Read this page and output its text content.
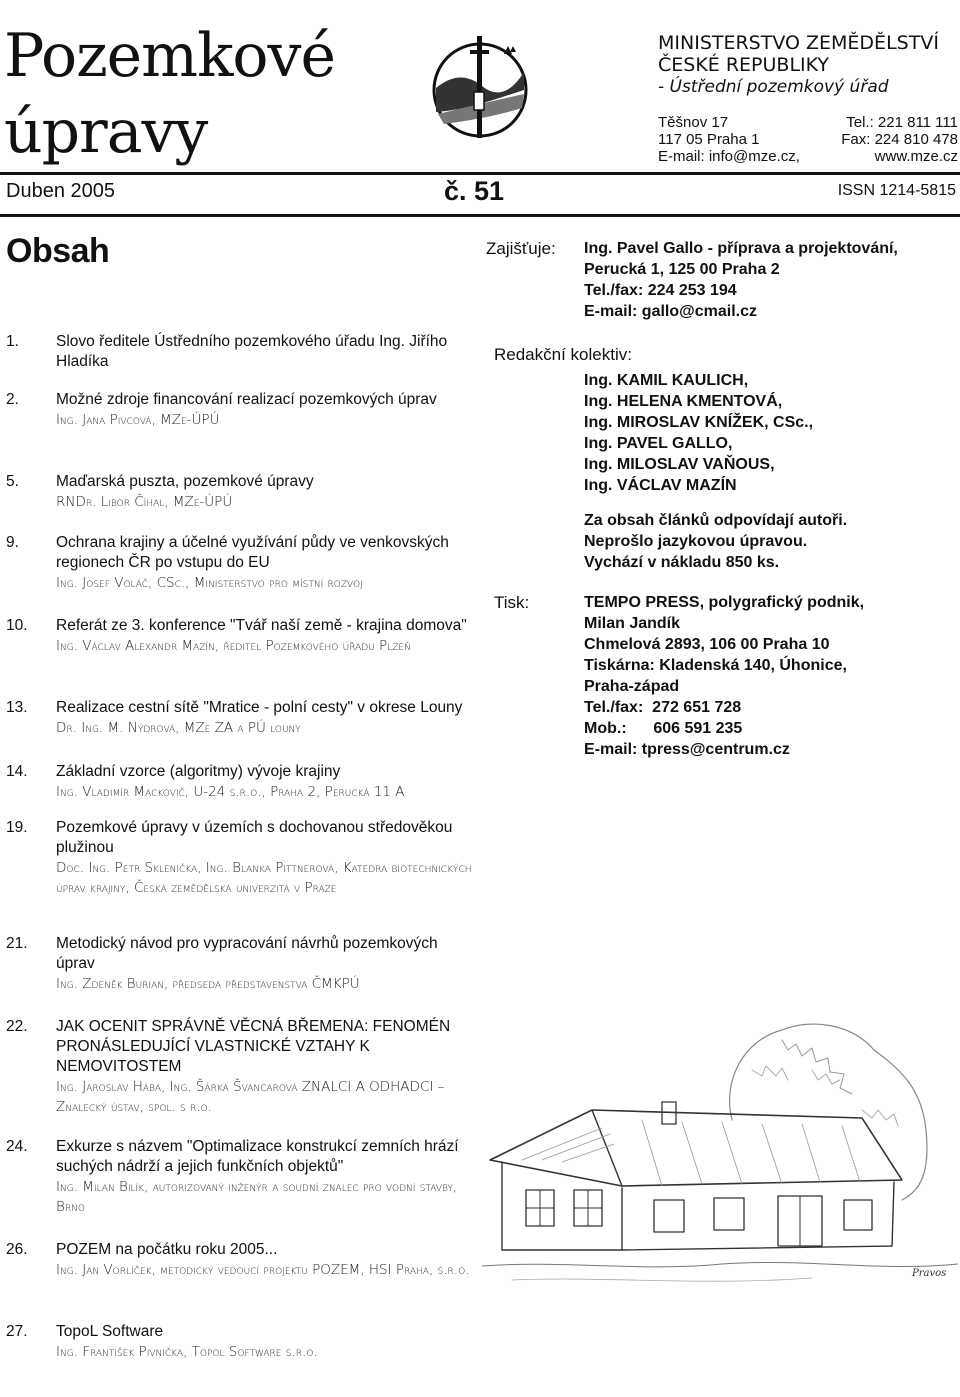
Pozemkové
úpravy
MINISTERSTVO ZEMĚDĚLSTVÍ
ČESKÉ REPUBLIKY
- Ústřední pozemkový úřad
Těšnov 17	Tel.: 221 811 111
117 05 Praha 1	Fax: 224 810 478
E-mail: info@mze.cz,	www.mze.cz
Duben 2005	č. 51	ISSN 1214-5815
Obsah
1.	Slovo ředitele Ústředního pozemkového úřadu Ing. Jiřího Hladíka
2.	Možné zdroje financování realizací pozemkových úprav
Ing. Jana Pivcová, MZe-ÚPÚ
5.	Maďarská puszta, pozemkové úpravy
RNDr. Libor Číhal, MZe-ÚPÚ
9.	Ochrana krajiny a účelné využívání půdy ve venkovských regionech ČR po vstupu do EU
Ing. Josef Voláč, CSc., Ministerstvo pro místní rozvoj
10.	Referát ze 3. konference "Tvář naší země - krajina domova"
Ing. Václav Alexandr Mazín, ředitel Pozemkového úřadu Plzeň
13.	Realizace cestní sítě "Mratice - polní cesty" v okrese Louny
Dr. Ing. M. Nýdrová, MZe ZA a PÚ louny
14.	Základní vzorce (algoritmy) vývoje krajiny
Ing. Vladimír Mackovič, U-24 s.r.o., Praha 2, Perucká 11 A
19.	Pozemkové úpravy v územích s dochovanou středověkou plužinou
Doc. Ing. Petr Sklenička, Ing. Blanka Pittnerová, Katedra biotechnických úprav krajiny, Česká zemědělská univerzita v Praze
21.	Metodický návod pro vypracování návrhů pozemkových úprav
Ing. Zdeněk Burian, předseda představenstva ČMKPÚ
22.	JAK OCENIT SPRÁVNĚ VĚCNÁ BŘEMENA: FENOMÉN PRONÁSLEDUJÍCÍ VLASTNICKÉ VZTAHY K NEMOVITOSTEM
Ing. Jaroslav Hába, Ing. Šárka Švancarová ZNALCI A ODHADCI – Znalecký ústav, spol. s r.o.
24.	Exkurze s názvem "Optimalizace konstrukcí zemních hrází suchých nádrží a jejich funkčních objektů"
Ing. Milan Bilík, autorizovaný inženýr a soudní znalec pro vodní stavby, Brno
26.	POZEM na počátku roku 2005...
Ing. Jan Vorlíček, metodický vedoucí projektu POZEM, HSI Praha, s.r.o.
27.	TopoL Software
Ing. František Pivnička, Topol Software s.r.o.
Zajišťuje: Ing. Pavel Gallo - příprava a projektování,
Perucká 1, 125 00 Praha 2
Tel./fax: 224 253 194
E-mail: gallo@cmail.cz
Redakční kolektiv:
Ing. KAMIL KAULICH,
Ing. HELENA KMENTOVÁ,
Ing. MIROSLAV KNÍŽEK, CSc.,
Ing. PAVEL GALLO,
Ing. MILOSLAV VAŇOUS,
Ing. VÁCLAV MAZÍN
Za obsah článků odpovídají autoři.
Neprošlo jazykovou úpravou.
Vychází v nákladu 850 ks.
Tisk:	TEMPO PRESS, polygrafický podnik,
Milan Jandík
Chmelová 2893, 106 00 Praha 10
Tiskárna: Kladenská 140, Úhonice,
Praha-západ
Tel./fax:  272 651 728
Mob.:      606 591 235
E-mail: tpress@centrum.cz
Pravos
